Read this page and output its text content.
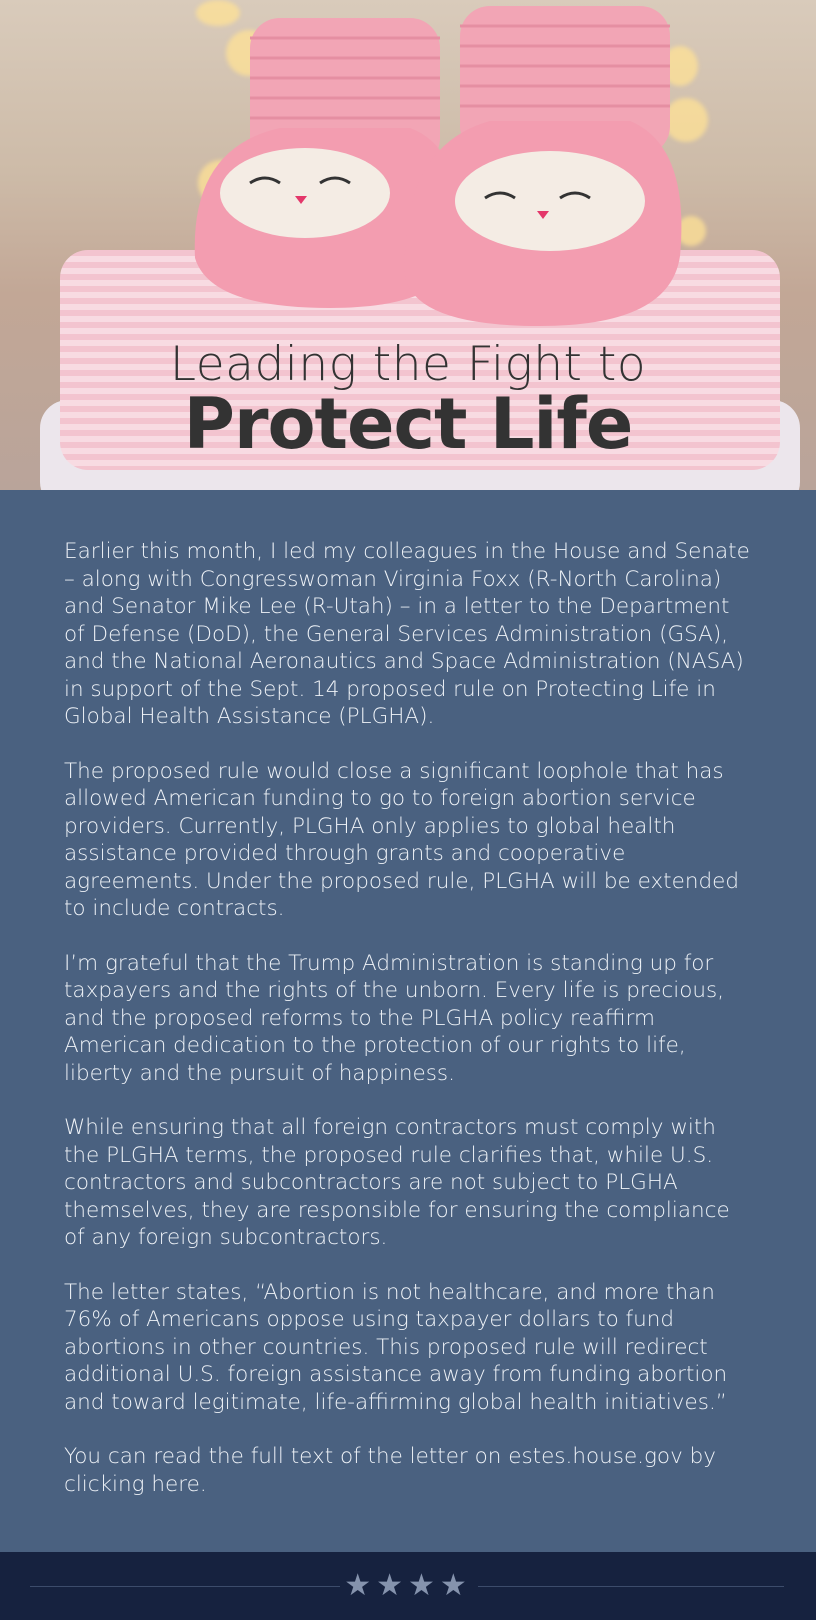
Leading the Fight to
Protect Life

Earlier this month, I led my colleagues in the House and Senate – along with Congresswoman Virginia Foxx (R-North Carolina) and Senator Mike Lee (R-Utah) – in a letter to the Department of Defense (DoD), the General Services Administration (GSA), and the National Aeronautics and Space Administration (NASA) in support of the Sept. 14 proposed rule on Protecting Life in Global Health Assistance (PLGHA).

The proposed rule would close a significant loophole that has allowed American funding to go to foreign abortion service providers. Currently, PLGHA only applies to global health assistance provided through grants and cooperative agreements. Under the proposed rule, PLGHA will be extended to include contracts.

I’m grateful that the Trump Administration is standing up for taxpayers and the rights of the unborn. Every life is precious, and the proposed reforms to the PLGHA policy reaffirm American dedication to the protection of our rights to life, liberty and the pursuit of happiness.

While ensuring that all foreign contractors must comply with the PLGHA terms, the proposed rule clarifies that, while U.S. contractors and subcontractors are not subject to PLGHA themselves, they are responsible for ensuring the compliance of any foreign subcontractors.

The letter states, “Abortion is not healthcare, and more than 76% of Americans oppose using taxpayer dollars to fund abortions in other countries. This proposed rule will redirect additional U.S. foreign assistance away from funding abortion and toward legitimate, life-affirming global health initiatives.”

You can read the full text of the letter on estes.house.gov by clicking here.

★★★★
